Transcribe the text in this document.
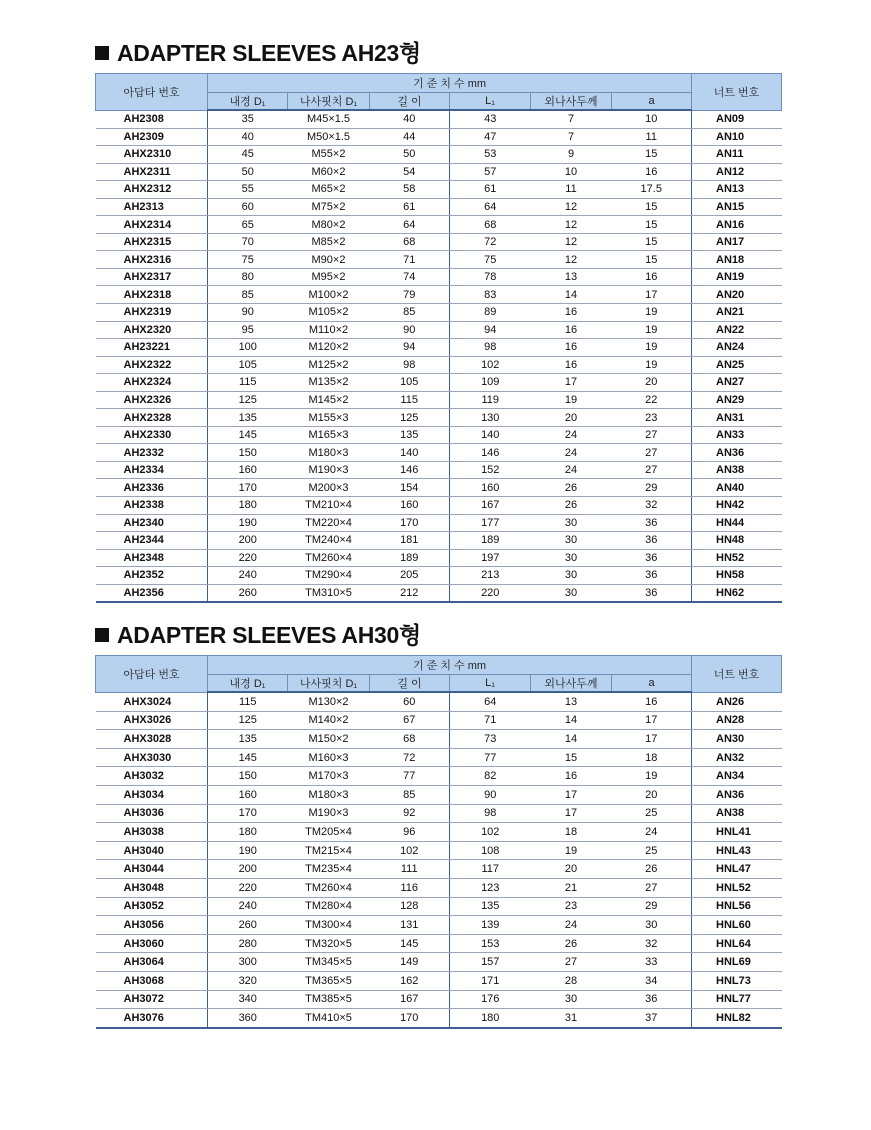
ADAPTER SLEEVES AH23형
아답타 번호	기 준 치 수 mm						너트 번호
	내경 D₁	나사핏치 D₁	길 이	L₁	외나사두께	a	
AH2308	35	M45×1.5	40	43	7	10	AN09
AH2309	40	M50×1.5	44	47	7	11	AN10
AHX2310	45	M55×2	50	53	9	15	AN11
AHX2311	50	M60×2	54	57	10	16	AN12
AHX2312	55	M65×2	58	61	11	17.5	AN13
AH2313	60	M75×2	61	64	12	15	AN15
AHX2314	65	M80×2	64	68	12	15	AN16
AHX2315	70	M85×2	68	72	12	15	AN17
AHX2316	75	M90×2	71	75	12	15	AN18
AHX2317	80	M95×2	74	78	13	16	AN19
AHX2318	85	M100×2	79	83	14	17	AN20
AHX2319	90	M105×2	85	89	16	19	AN21
AHX2320	95	M110×2	90	94	16	19	AN22
AH23221	100	M120×2	94	98	16	19	AN24
AHX2322	105	M125×2	98	102	16	19	AN25
AHX2324	115	M135×2	105	109	17	20	AN27
AHX2326	125	M145×2	115	119	19	22	AN29
AHX2328	135	M155×3	125	130	20	23	AN31
AHX2330	145	M165×3	135	140	24	27	AN33
AH2332	150	M180×3	140	146	24	27	AN36
AH2334	160	M190×3	146	152	24	27	AN38
AH2336	170	M200×3	154	160	26	29	AN40
AH2338	180	TM210×4	160	167	26	32	HN42
AH2340	190	TM220×4	170	177	30	36	HN44
AH2344	200	TM240×4	181	189	30	36	HN48
AH2348	220	TM260×4	189	197	30	36	HN52
AH2352	240	TM290×4	205	213	30	36	HN58
AH2356	260	TM310×5	212	220	30	36	HN62
ADAPTER SLEEVES AH30형
아답타 번호	기 준 치 수 mm						너트 번호
	내경 D₁	나사핏치 D₁	길 이	L₁	외나사두께	a	
AHX3024	115	M130×2	60	64	13	16	AN26
AHX3026	125	M140×2	67	71	14	17	AN28
AHX3028	135	M150×2	68	73	14	17	AN30
AHX3030	145	M160×3	72	77	15	18	AN32
AH3032	150	M170×3	77	82	16	19	AN34
AH3034	160	M180×3	85	90	17	20	AN36
AH3036	170	M190×3	92	98	17	25	AN38
AH3038	180	TM205×4	96	102	18	24	HNL41
AH3040	190	TM215×4	102	108	19	25	HNL43
AH3044	200	TM235×4	111	117	20	26	HNL47
AH3048	220	TM260×4	116	123	21	27	HNL52
AH3052	240	TM280×4	128	135	23	29	HNL56
AH3056	260	TM300×4	131	139	24	30	HNL60
AH3060	280	TM320×5	145	153	26	32	HNL64
AH3064	300	TM345×5	149	157	27	33	HNL69
AH3068	320	TM365×5	162	171	28	34	HNL73
AH3072	340	TM385×5	167	176	30	36	HNL77
AH3076	360	TM410×5	170	180	31	37	HNL82
